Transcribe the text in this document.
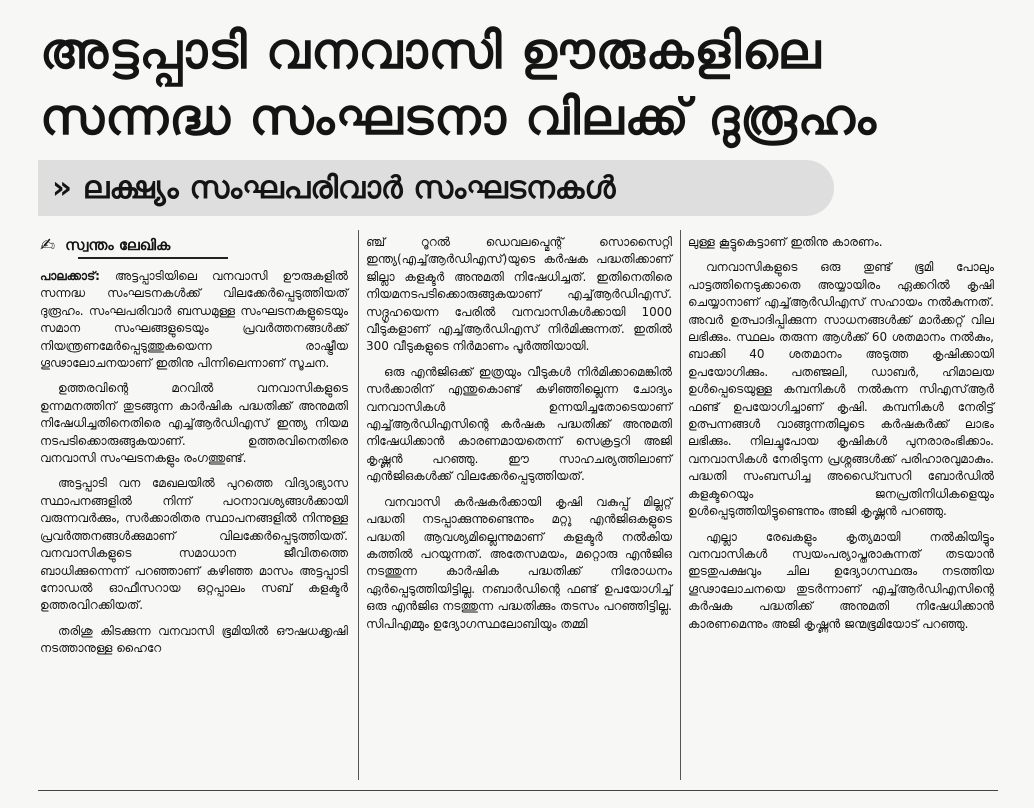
അട്ടപ്പാടി വനവാസി ഊരുകളിലെ
സന്നദ്ധ സംഘടനാ വിലക്ക് ദുരൂഹം
» ലക്ഷ്യം സംഘപരിവാർ സംഘടനകൾ
✍ സ്വന്തം ലേഖിക

പാലക്കാട്: അട്ടപ്പാടിയിലെ വനവാസി ഊരുകളിൽ സന്നദ്ധ സംഘടനകൾക്ക് വിലക്കേർപ്പെടുത്തിയത് ദുരൂഹം. സംഘപരിവാർ ബന്ധമുള്ള സംഘടനകളുടെയും സമാന സംഘങ്ങളുടെയും പ്രവർത്തനങ്ങൾക്ക് നിയന്ത്രണമേർപ്പെടുത്തുകയെന്ന രാഷ്ട്രീയ ഗൂഢാലോചനയാണ് ഇതിനു പിന്നിലെന്നാണ് സൂചന.

ഉത്തരവിന്റെ മറവിൽ വനവാസികളുടെ ഉന്നമനത്തിന് തുടങ്ങുന്ന കാർഷിക പദ്ധതിക്ക് അനുമതി നിഷേധിച്ചതിനെതിരെ എച്ച്ആർഡിഎസ് ഇന്ത്യ നിയമ നടപടിക്കൊരുങ്ങുകയാണ്. ഉത്തരവിനെതിരെ വനവാസി സംഘടനകളും രംഗത്തുണ്ട്.

അട്ടപ്പാടി വന മേഖലയിൽ പുറത്തെ വിദ്യാഭ്യാസ സ്ഥാപനങ്ങളിൽ നിന്ന് പഠനാവശ്യങ്ങൾക്കായി വരുന്നവർക്കും, സർക്കാരിതര സ്ഥാപനങ്ങളിൽ നിന്നുള്ള പ്രവർത്തനങ്ങൾക്കുമാണ് വിലക്കേർപ്പെടുത്തിയത്. വനവാസികളുടെ സമാധാന ജീവിതത്തെ ബാധിക്കുന്നെന്ന് പറഞ്ഞാണ് കഴിഞ്ഞ മാസം അട്ടപ്പാടി നോഡൽ ഓഫീസറായ ഒറ്റപ്പാലം സബ് കളക്ടർ ഉത്തരവിറക്കിയത്.

തരിശു കിടക്കുന്ന വനവാസി ഭൂമിയിൽ ഔഷധക്കൃഷി നടത്താനുള്ള ഹൈറേ

ഞ്ച് റൂറൽ ഡെവലപ്മെന്റ് സൊസൈറ്റി ഇന്ത്യ(എച്ച്ആർഡിഎസ്)യുടെ കർഷക പദ്ധതിക്കാണ് ജില്ലാ കളക്ടർ അനുമതി നിഷേധിച്ചത്. ഇതിനെതിരെ നിയമനടപടിക്കൊരുങ്ങുകയാണ് എച്ച്ആർഡിഎസ്. സദ്ഗൃഹയെന്ന പേരിൽ വനവാസികൾക്കായി 1000 വീടുകളാണ് എച്ച്ആർഡിഎസ് നിർമിക്കുന്നത്. ഇതിൽ 300 വീടുകളുടെ നിർമാണം പൂർത്തിയായി.

ഒരു എൻജിഒക്ക് ഇത്രയും വീടുകൾ നിർമിക്കാമെങ്കിൽ സർക്കാരിന് എന്തുകൊണ്ട് കഴിഞ്ഞില്ലെന്ന ചോദ്യം വനവാസികൾ ഉന്നയിച്ചതോടെയാണ് എച്ച്ആർഡിഎസിന്റെ കർഷക പദ്ധതിക്ക് അനുമതി നിഷേധിക്കാൻ കാരണമായതെന്ന് സെക്രട്ടറി അജി കൃഷ്ണൻ പറഞ്ഞു. ഈ സാഹചര്യത്തിലാണ് എൻജിഒകൾക്ക് വിലക്കേർപ്പെടുത്തിയത്.

വനവാസി കർഷകർക്കായി കൃഷി വകുപ്പ് മില്ലറ്റ് പദ്ധതി നടപ്പാക്കുന്നുണ്ടെന്നും മറ്റു എൻജിഒകളുടെ പദ്ധതി ആവശ്യമില്ലെന്നുമാണ് കളക്ടർ നൽകിയ കത്തിൽ പറയുന്നത്. അതേസമയം, മറ്റൊരു എൻജിഒ നടത്തുന്ന കാർഷിക പദ്ധതിക്ക് നിരോധനം ഏർപ്പെടുത്തിയിട്ടില്ല. നബാർഡിന്റെ ഫണ്ട് ഉപയോഗിച്ച് ഒരു എൻജിഒ നടത്തുന്ന പദ്ധതിക്കും തടസം പറഞ്ഞിട്ടില്ല. സിപിഎമ്മും ഉദ്യോഗസ്ഥലോബിയും തമ്മി

ലുള്ള കൂട്ടുകെട്ടാണ് ഇതിനു കാരണം.

വനവാസികളുടെ ഒരു തുണ്ട് ഭൂമി പോലും പാട്ടത്തിനെടുക്കാതെ അയ്യായിരം ഏക്കറിൽ കൃഷി ചെയ്യാനാണ് എച്ച്ആർഡിഎസ് സഹായം നൽകുന്നത്. അവർ ഉത്പാദിപ്പിക്കുന്ന സാധനങ്ങൾക്ക് മാർക്കറ്റ് വില ലഭിക്കും. സ്ഥലം തരുന്ന ആൾക്ക് 60 ശതമാനം നൽകും, ബാക്കി 40 ശതമാനം അടുത്ത കൃഷിക്കായി ഉപയോഗിക്കും. പതഞ്ജലി, ഡാബർ, ഹിമാലയ ഉൾപ്പെടെയുള്ള കമ്പനികൾ നൽകുന്ന സിഎസ്ആർ ഫണ്ട് ഉപയോഗിച്ചാണ് കൃഷി. കമ്പനികൾ നേരിട്ട് ഉത്പന്നങ്ങൾ വാങ്ങുന്നതിലൂടെ കർഷകർക്ക് ലാഭം ലഭിക്കും. നിലച്ചുപോയ കൃഷികൾ പുനരാരംഭിക്കാം. വനവാസികൾ നേരിടുന്ന പ്രശ്നങ്ങൾക്ക് പരിഹാരവുമാകും. പദ്ധതി സംബന്ധിച്ച അഡൈ്വസറി ബോർഡിൽ കളക്ടറെയും ജനപ്രതിനിധികളെയും ഉൾപ്പെടുത്തിയിട്ടുണ്ടെന്നും അജി കൃഷ്ണൻ പറഞ്ഞു.

എല്ലാ രേഖകളും കൃത്യമായി നൽകിയിട്ടും വനവാസികൾ സ്വയംപര്യാപ്തരാകുന്നത് തടയാൻ ഇടതുപക്ഷവും ചില ഉദ്യോഗസ്ഥരും നടത്തിയ ഗൂഢാലോചനയെ തുടർന്നാണ് എച്ച്ആർഡിഎസിന്റെ കർഷക പദ്ധതിക്ക് അനുമതി നിഷേധിക്കാൻ കാരണമെന്നും അജി കൃഷ്ണൻ ജന്മഭൂമിയോട് പറഞ്ഞു.
